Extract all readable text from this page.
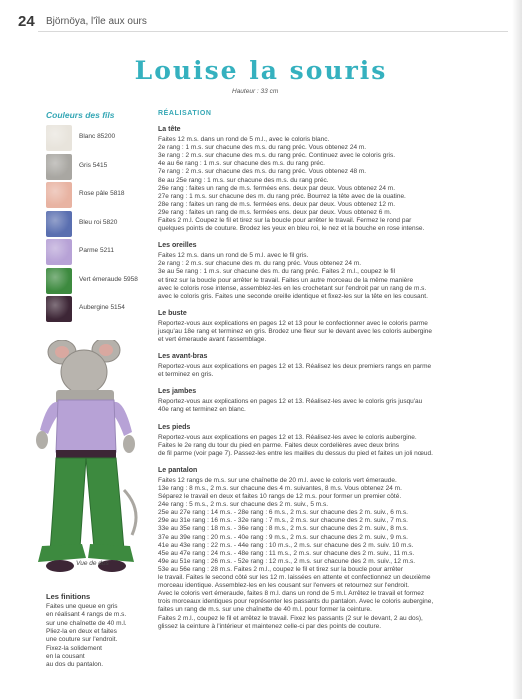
24 Björnöya, l'île aux ours
Louise la souris
Hauteur : 33 cm
Couleurs des fils
Blanc 85200
Gris 5415
Rose pâle 5818
Bleu roi 5820
Parme 5211
Vert émeraude 5958
Aubergine 5154
Vue de dos
Les finitions
Faites une queue en gris
en réalisant 4 rangs de m.s.
sur une chaînette de 40 m.l.
Pliez-la en deux et faites
une couture sur l'endroit.
Fixez-la solidement
en la cousant
au dos du pantalon.
RÉALISATION
La tête
Faites 12 m.s. dans un rond de 5 m.l., avec le coloris blanc.
2e rang : 1 m.s. sur chacune des m.s. du rang préc. Vous obtenez 24 m.
3e rang : 2 m.s. sur chacune des m.s. du rang préc. Continuez avec le coloris gris.
4e au 6e rang : 1 m.s. sur chacune des m.s. du rang préc.
7e rang : 2 m.s. sur chacune des m.s. du rang préc. Vous obtenez 48 m.
8e au 25e rang : 1 m.s. sur chacune des m.s. du rang préc.
26e rang : faites un rang de m.s. fermées ens. deux par deux. Vous obtenez 24 m.
27e rang : 1 m.s. sur chacune des m. du rang préc. Bourrez la tête avec de la ouatine.
28e rang : faites un rang de m.s. fermées ens. deux par deux. Vous obtenez 12 m.
29e rang : faites un rang de m.s. fermées ens. deux par deux. Vous obtenez 6 m.
Faites 2 m.l. Coupez le fil et tirez sur la boucle pour arrêter le travail. Fermez le rond par
quelques points de couture. Brodez les yeux en bleu roi, le nez et la bouche en rose intense.
Les oreilles
Faites 12 m.s. dans un rond de 5 m.l. avec le fil gris.
2e rang : 2 m.s. sur chacune des m. du rang préc. Vous obtenez 24 m.
3e au 5e rang : 1 m.s. sur chacune des m. du rang préc. Faites 2 m.l., coupez le fil
et tirez sur la boucle pour arrêter le travail. Faites un autre morceau de la même manière
avec le coloris rose intense, assemblez-les en les crochetant sur l'endroit par un rang de m.s.
avec le coloris gris. Faites une seconde oreille identique et fixez-les sur la tête en les cousant.
Le buste
Reportez-vous aux explications en pages 12 et 13 pour le confectionner avec le coloris parme
jusqu'au 18e rang et terminez en gris. Brodez une fleur sur le devant avec les coloris aubergine
et vert émeraude avant l'assemblage.
Les avant-bras
Reportez-vous aux explications en pages 12 et 13. Réalisez les deux premiers rangs en parme
et terminez en gris.
Les jambes
Reportez-vous aux explications en pages 12 et 13. Réalisez-les avec le coloris gris jusqu'au
40e rang et terminez en blanc.
Les pieds
Reportez-vous aux explications en pages 12 et 13. Réalisez-les avec le coloris aubergine.
Faites le 2e rang du tour du pied en parme. Faites deux cordelières avec deux brins
de fil parme (voir page 7). Passez-les entre les mailles du dessus du pied et faites un joli nœud.
Le pantalon
Faites 12 rangs de m.s. sur une chaînette de 20 m.l. avec le coloris vert émeraude.
13e rang : 8 m.s., 2 m.s. sur chacune des 4 m. suivantes, 8 m.s. Vous obtenez 24 m.
Séparez le travail en deux et faites 10 rangs de 12 m.s. pour former un premier côté.
24e rang : 5 m.s., 2 m.s. sur chacune des 2 m. suiv., 5 m.s.
25e au 27e rang : 14 m.s. - 28e rang : 6 m.s., 2 m.s. sur chacune des 2 m. suiv., 6 m.s.
29e au 31e rang : 16 m.s. - 32e rang : 7 m.s., 2 m.s. sur chacune des 2 m. suiv., 7 m.s.
33e au 35e rang : 18 m.s. - 36e rang : 8 m.s., 2 m.s. sur chacune des 2 m. suiv., 8 m.s.
37e au 39e rang : 20 m.s. - 40e rang : 9 m.s., 2 m.s. sur chacune des 2 m. suiv., 9 m.s.
41e au 43e rang : 22 m.s. - 44e rang : 10 m.s., 2 m.s. sur chacune des 2 m. suiv. 10 m.s.
45e au 47e rang : 24 m.s. - 48e rang : 11 m.s., 2 m.s. sur chacune des 2 m. suiv., 11 m.s.
49e au 51e rang : 26 m.s. - 52e rang : 12 m.s., 2 m.s. sur chacune des 2 m. suiv., 12 m.s.
53e au 56e rang : 28 m.s. Faites 2 m.l., coupez le fil et tirez sur la boucle pour arrêter
le travail. Faites le second côté sur les 12 m. laissées en attente et confectionnez un deuxième
morceau identique. Assemblez-les en les cousant sur l'envers et retournez sur l'endroit.
Avec le coloris vert émeraude, faites 8 m.l. dans un rond de 5 m.l. Arrêtez le travail et formez
trois morceaux identiques pour représenter les passants du pantalon. Avec le coloris aubergine,
faites un rang de m.s. sur une chaînette de 40 m.l. pour former la ceinture.
Faites 2 m.l., coupez le fil et arrêtez le travail. Fixez les passants (2 sur le devant, 2 au dos),
glissez la ceinture à l'intérieur et maintenez celle-ci par des points de couture.
